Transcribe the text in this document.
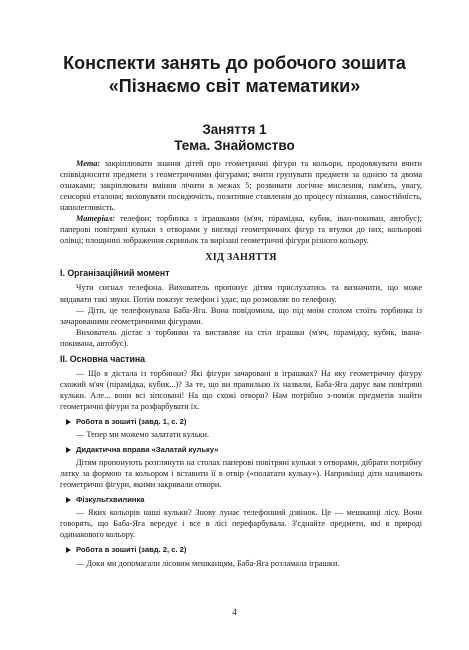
Конспекти занять до робочого зошита
«Пізнаємо світ математики»
Заняття 1
Тема. Знайомство

Мета: закріплювати знання дітей про геометричні фігури та кольори, продовжувати вчити співвідносити предмети з геометричними фігурами; вчити групувати предмети за однією та двома ознаками; закріплювати вміння лічити в межах 5; розвивати логічне мислення, пам'ять, увагу, сенсорні еталони; виховувати посидючість, позитивне ставлення до процесу пізнання, самостійність, наполегливість.

Матеріал: телефон; торбинка з іграшками (м'яч, пірамідка, кубик, іван-покиван, автобус); паперові повітряні кульки з отворами у вигляді геометричних фігур та втулки до них; кольорові олівці; площинні зображення скриньок та вирізані геометричні фігури різного кольору.

ХІД ЗАНЯТТЯ
І. Організаційний момент

Чути сигнал телефона. Вихователь пропонує дітям прислухатись та визначити, що може видавати такі звуки. Потім показує телефон і удає, що розмовляє по телефону.

— Діти, це телефонувала Баба-Яга. Вона повідомила, що під моїм столом стоїть торбинка із зачарованими геометричними фігурами.

Вихователь дістає з торбинки та виставляє на стіл іграшки (м'яч, пірамідку, кубик, івана-покивана, автобус).

ІІ. Основна частина

— Що я дістала із торбинки? Які фігури зачаровані в іграшках? На яку геометричну фігуру схожий м'яч (пірамідка, кубик...)? За те, що ви правильно їх назвали, Баба-Яга дарує вам повітряні кульки. Але... вони всі зіпсовані! На що схожі отвори? Нам потрібно з-поміж предметів знайти геометричні фігури та розфарбувати їх.

Робота в зошиті (завд. 1, с. 2)

— Тепер ми можемо залатати кульки.

Дидактична вправа «Залатай кульку»

Дітям пропонують розглянути на столах паперові повітряні кульки з отворами, дібрати потрібну латку за формою та кольором і вставити її в отвір («полатати кульку»). Наприкінці діти називають геометричні фігури, якими закривали отвори.

Фізкультхвилинка

— Яких кольорів наші кульки? Знову лунає телефонний дзвінок. Це — мешканці лісу. Вони говорять, що Баба-Яга вередує і все в лісі перефарбувала. З'єднайте предмети, які в природі одинакового кольору.

Робота в зошиті (завд. 2, с. 2)

— Доки ми допомагали лісовим мешканцям, Баба-Яга розламала іграшки.

4
